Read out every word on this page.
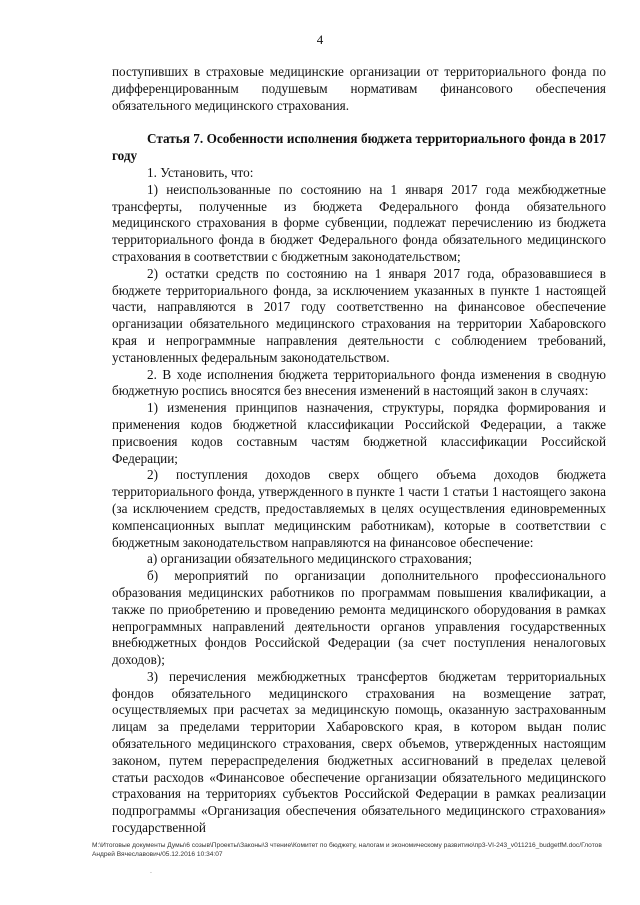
4

поступивших в страховые медицинские организации от территориального фонда по дифференцированным подушевым нормативам финансового обеспечения обязательного медицинского страхования.

Статья 7. Особенности исполнения бюджета территориального фонда в 2017 году

1. Установить, что:

1) неиспользованные по состоянию на 1 января 2017 года межбюджетные трансферты, полученные из бюджета Федерального фонда обязательного медицинского страхования в форме субвенции, подлежат перечислению из бюджета территориального фонда в бюджет Федерального фонда обязательного медицинского страхования в соответствии с бюджетным законодательством;

2) остатки средств по состоянию на 1 января 2017 года, образовавшиеся в бюджете территориального фонда, за исключением указанных в пункте 1 настоящей части, направляются в 2017 году соответственно на финансовое обеспечение организации обязательного медицинского страхования на территории Хабаровского края и непрограммные направления деятельности с соблюдением требований, установленных федеральным законодательством.

2. В ходе исполнения бюджета территориального фонда изменения в сводную бюджетную роспись вносятся без внесения изменений в настоящий закон в случаях:

1) изменения принципов назначения, структуры, порядка формирования и применения кодов бюджетной классификации Российской Федерации, а также присвоения кодов составным частям бюджетной классификации Российской Федерации;

2) поступления доходов сверх общего объема доходов бюджета территориального фонда, утвержденного в пункте 1 части 1 статьи 1 настоящего закона (за исключением средств, предоставляемых в целях осуществления единовременных компенсационных выплат медицинским работникам), которые в соответствии с бюджетным законодательством направляются на финансовое обеспечение:

а) организации обязательного медицинского страхования;

б) мероприятий по организации дополнительного профессионального образования медицинских работников по программам повышения квалификации, а также по приобретению и проведению ремонта медицинского оборудования в рамках непрограммных направлений деятельности органов управления государственных внебюджетных фондов Российской Федерации (за счет поступления неналоговых доходов);

3) перечисления межбюджетных трансфертов бюджетам территориальных фондов обязательного медицинского страхования на возмещение затрат, осуществляемых при расчетах за медицинскую помощь, оказанную застрахованным лицам за пределами территории Хабаровского края, в котором выдан полис обязательного медицинского страхования, сверх объемов, утвержденных настоящим законом, путем перераспределения бюджетных ассигнований в пределах целевой статьи расходов «Финансовое обеспечение организации обязательного медицинского страхования на территориях субъектов Российской Федерации в рамках реализации подпрограммы «Организация обеспечения обязательного медицинского страхования» государственной

M:\Итоговые документы Думы\6 созыв\Проекты\Законы\3 чтение\Комитет по бюджету, налогам и экономическому развитию\пр3-VI-243_v011216_budgetfM.doc/Глотов Андрей Вячеславович/05.12.2016 10:34:07
.
